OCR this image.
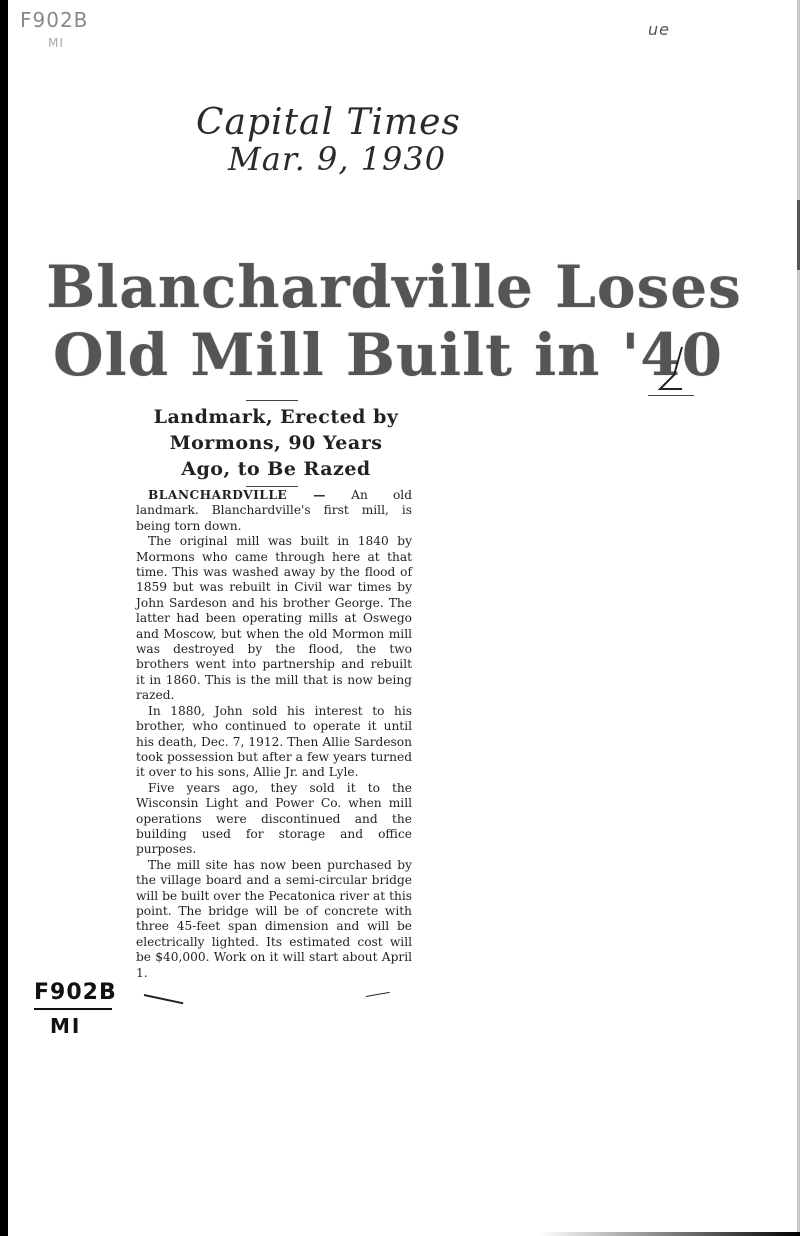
F902B
MI
ue
Capital Times
Mar. 9, 1930
Blanchardville Loses
Old Mill Built in '40
Landmark, Erected by
Mormons, 90 Years
Ago, to Be Razed

BLANCHARDVILLE — An old landmark. Blanchardville's first mill, is being torn down.

The original mill was built in 1840 by Mormons who came through here at that time. This was washed away by the flood of 1859 but was rebuilt in Civil war times by John Sardeson and his brother George. The latter had been operating mills at Oswego and Moscow, but when the old Mormon mill was destroyed by the flood, the two brothers went into partnership and rebuilt it in 1860. This is the mill that is now being razed.

In 1880, John sold his interest to his brother, who continued to operate it until his death, Dec. 7, 1912. Then Allie Sardeson took possession but after a few years turned it over to his sons, Allie Jr. and Lyle.

Five years ago, they sold it to the Wisconsin Light and Power Co. when mill operations were discontinued and the building used for storage and office purposes.

The mill site has now been purchased by the village board and a semi-circular bridge will be built over the Pecatonica river at this point. The bridge will be of concrete with three 45-feet span dimension and will be electrically lighted. Its estimated cost will be $40,000. Work on it will start about April 1.

F902B
MI
